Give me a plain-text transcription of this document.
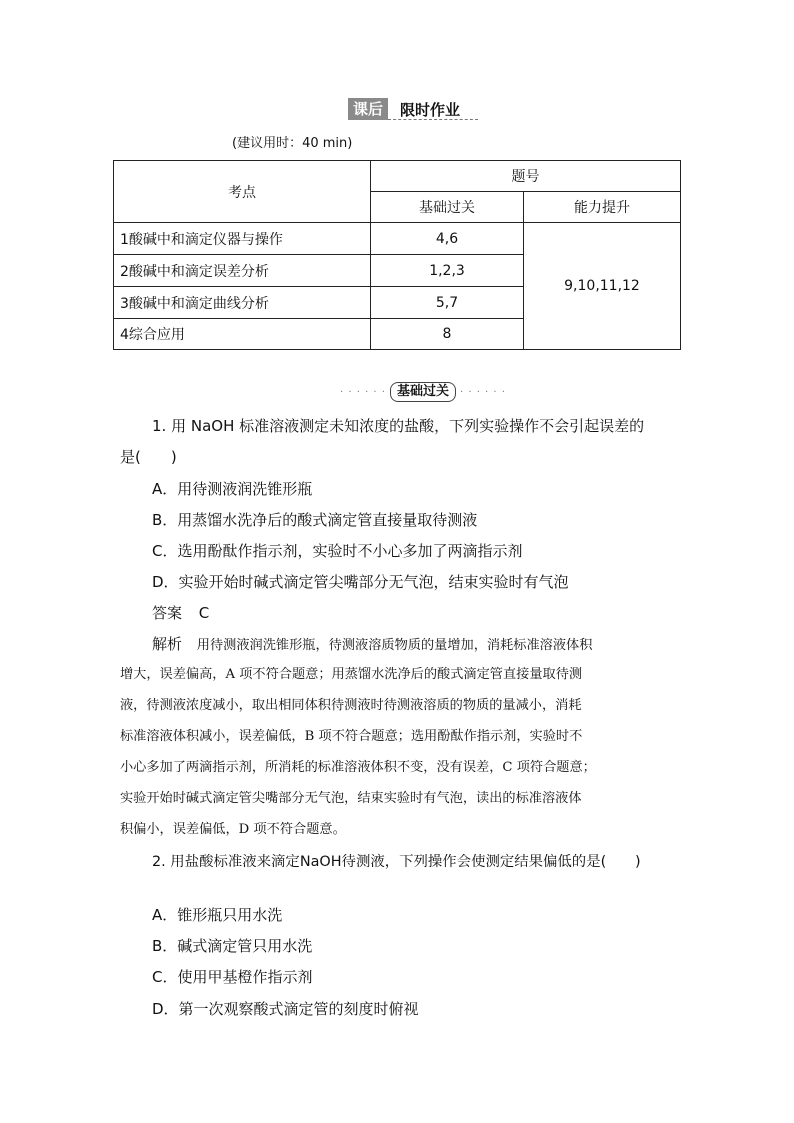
课后	限时作业
(建议用时：40 min)
考点	题号	
	基础过关	能力提升
1酸碱中和滴定仪器与操作	4,6	9,10,11,12
2酸碱中和滴定误差分析	1,2,3	
3酸碱中和滴定曲线分析	5,7	
4综合应用	8	
· · · · · · 基础过关	· · · · · ·
1. 用 NaOH 标准溶液测定未知浓度的盐酸，下列实验操作不会引起误差的
是(　　)
A．用待测液润洗锥形瓶
B．用蒸馏水洗净后的酸式滴定管直接量取待测液
C．选用酚酞作指示剂，实验时不小心多加了两滴指示剂
D．实验开始时碱式滴定管尖嘴部分无气泡，结束实验时有气泡
答案 C
解析 用待测液润洗锥形瓶，待测液溶质物质的量增加，消耗标准溶液体积
增大，误差偏高，A 项不符合题意；用蒸馏水洗净后的酸式滴定管直接量取待测
液，待测液浓度减小，取出相同体积待测液时待测液溶质的物质的量减小，消耗
标准溶液体积减小，误差偏低，B 项不符合题意；选用酚酞作指示剂，实验时不
小心多加了两滴指示剂，所消耗的标准溶液体积不变，没有误差，C 项符合题意；
实验开始时碱式滴定管尖嘴部分无气泡，结束实验时有气泡，读出的标准溶液体
积偏小，误差偏低，D 项不符合题意。
2. 用盐酸标准液来滴定NaOH待测液，下列操作会使测定结果偏低的是(　　)
A．锥形瓶只用水洗
B．碱式滴定管只用水洗
C．使用甲基橙作指示剂
D．第一次观察酸式滴定管的刻度时俯视
